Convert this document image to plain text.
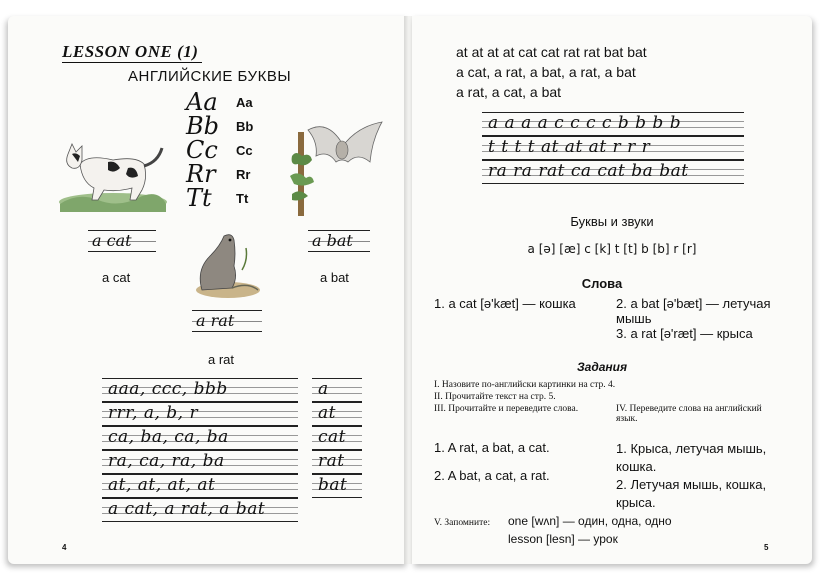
LESSON ONE (1)
АНГЛИЙСКИЕ БУКВЫ
Aa	Aa
Bb	Bb
Cc	Cc
Rr	Rr
Tt	Tt
a cat
a cat
a bat
a bat
a rat
a rat
aaa, ccc, bbb
rrr, a, b, r
ca, ba, ca, ba
ra, ca, ra, ba
at, at, at, at
a cat, a rat, a bat
a
at
cat
rat
bat
4
at at at at cat cat rat rat bat bat
a cat, a rat, a bat, a rat, a bat
a rat, a cat, a bat
a a a a c c c c b b b b
t t t t at at at r r r
ra ra rat ca cat ba bat
Буквы и звуки
a [ə] [æ] c [k] t [t] b [b] r [r]
Слова
1. a cat [ə'kæt] — кошка	2. a bat [ə'bæt] — летучая мышь
3. a rat [ə'ræt] — крыса
Задания
I. Назовите по-английски картинки на стр. 4.
II. Прочитайте текст на стр. 5.
III. Прочитайте и переведите слова.	IV. Переведите слова на английский язык.
1. A rat, a bat, a cat.
2. A bat, a cat, a rat.
1. Крыса, летучая мышь, кошка.
2. Летучая мышь, кошка, крыса.
V. Запомните: one [wʌn] — один, одна, одно
lesson [lesn] — урок
5
